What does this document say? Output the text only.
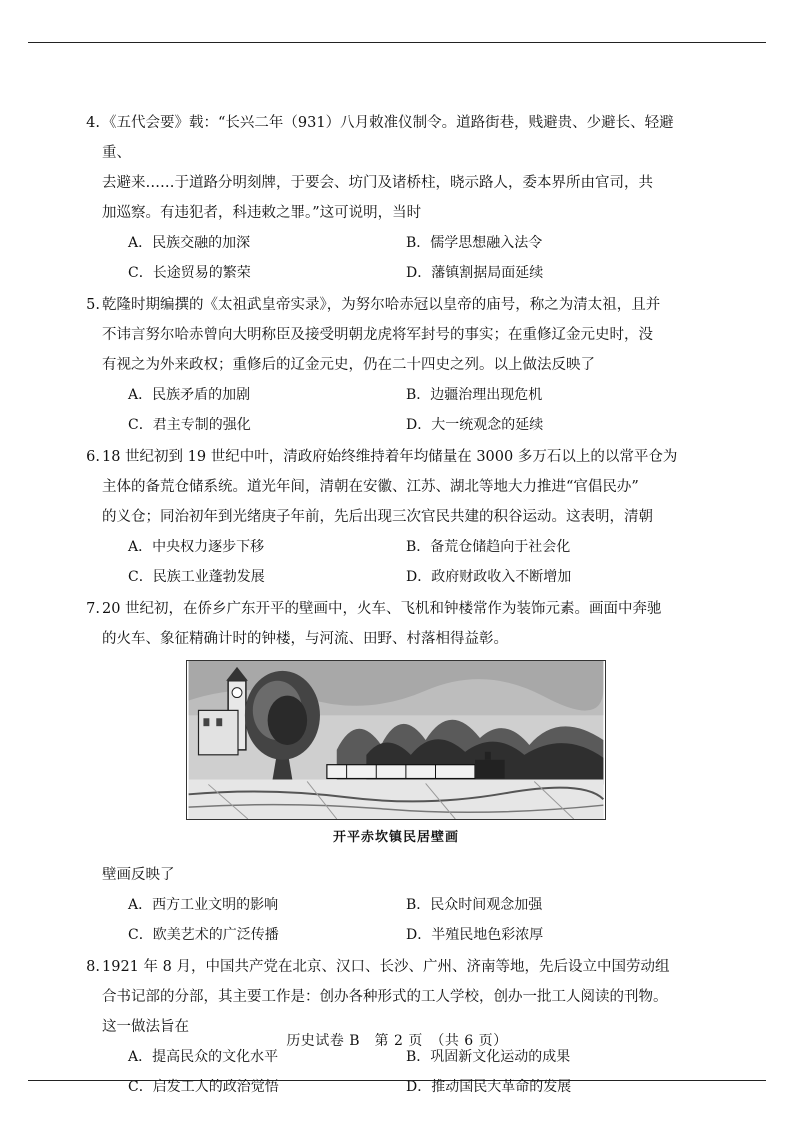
4. 《五代会要》载：“长兴二年（931）八月敕准仪制令。道路街巷，贱避贵、少避长、轻避重、
去避来……于道路分明刻牌，于要会、坊门及诸桥柱，晓示路人，委本界所由官司，共
加巡察。有违犯者，科违敕之罪。”这可说明，当时
A．民族交融的加深	B．儒学思想融入法令
C．长途贸易的繁荣	D．藩镇割据局面延续
5. 乾隆时期编撰的《太祖武皇帝实录》，为努尔哈赤冠以皇帝的庙号，称之为清太祖，且并
不讳言努尔哈赤曾向大明称臣及接受明朝龙虎将军封号的事实；在重修辽金元史时，没
有视之为外来政权；重修后的辽金元史，仍在二十四史之列。以上做法反映了
A．民族矛盾的加剧	B．边疆治理出现危机
C．君主专制的强化	D．大一统观念的延续
6. 18 世纪初到 19 世纪中叶，清政府始终维持着年均储量在 3000 多万石以上的以常平仓为
主体的备荒仓储系统。道光年间，清朝在安徽、江苏、湖北等地大力推进“官倡民办”
的义仓；同治初年到光绪庚子年前，先后出现三次官民共建的积谷运动。这表明，清朝
A．中央权力逐步下移	B．备荒仓储趋向于社会化
C．民族工业蓬勃发展	D．政府财政收入不断增加
7. 20 世纪初，在侨乡广东开平的壁画中，火车、飞机和钟楼常作为装饰元素。画面中奔驰
的火车、象征精确计时的钟楼，与河流、田野、村落相得益彰。
开平赤坎镇民居壁画
壁画反映了
A．西方工业文明的影响	B．民众时间观念加强
C．欧美艺术的广泛传播	D．半殖民地色彩浓厚
8. 1921 年 8 月，中国共产党在北京、汉口、长沙、广州、济南等地，先后设立中国劳动组
合书记部的分部，其主要工作是：创办各种形式的工人学校，创办一批工人阅读的刊物。
这一做法旨在
A．提高民众的文化水平	B．巩固新文化运动的成果
C．启发工人的政治觉悟	D．推动国民大革命的发展
历史试卷 B　第 2 页　（共 6 页）
